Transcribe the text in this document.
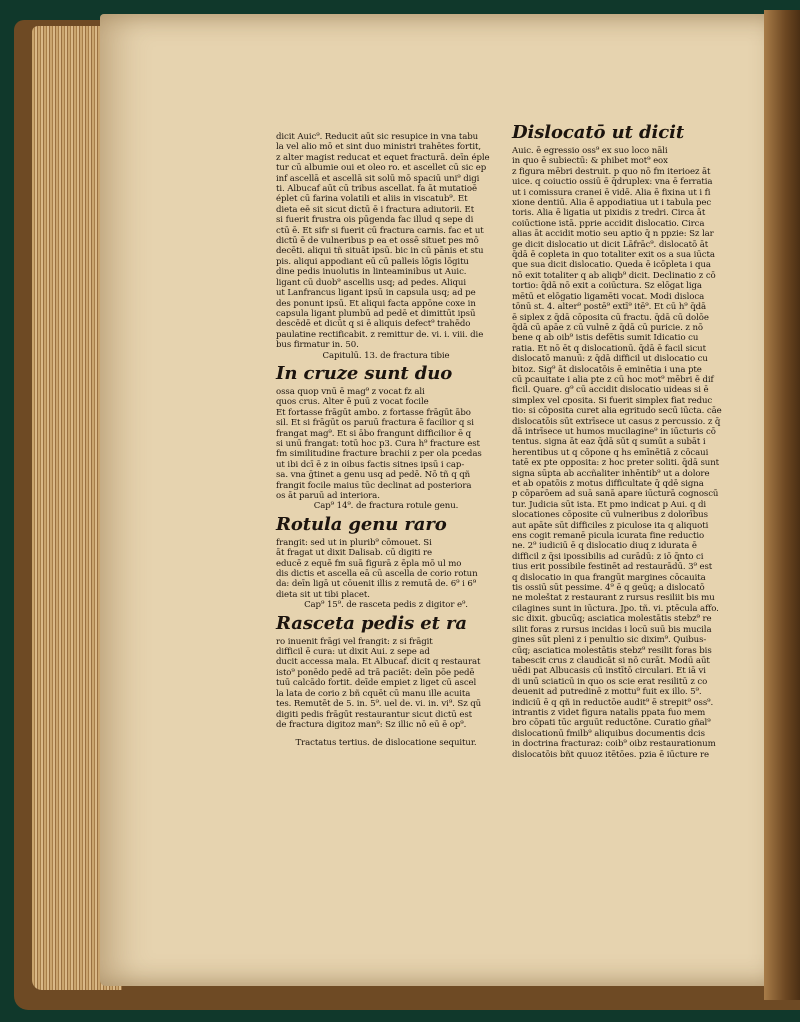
dicit Auic⁹. Reducit aūt sic resupice in vna tabu
la vel alio mō et sint duo ministri trahētes fortit,
z alter magist reducat et equet fracturā. deīn éple
tur cū albumie oui et oleo ro. et ascellet cū sic ep
inf ascellā et ascellā sit solū mō spaciū uni⁹ digi
ti. Albucaf aūt cū tribus ascellat. fa āt mutatioē
éplet cū farina volatili et aliis in viscatub⁹. Et
dieta eē sit sicut dictū ē i fractura adiutorii. Et
si fuerit frustra ois pūgenda fac illud q sepe di
ctū ē. Et sifr si fuerit cū fractura carnis. fac et ut
dictū ē de vulneribus p ea et ossē situet pes mō
decēti. aliqui tñ situāt ipsū. bic in cū pānis et stu
pis. aliqui appodiant eū cū palleis lōgis lōgitu
dine pedis inuolutis in linteaminibus ut Auic.
ligant cū duob⁹ ascellis usq; ad pedes. Aliqui
ut Lanfrancus ligant ipsū in capsula usq; ad pe
des ponunt ipsū. Et aliqui facta appōne coxe in
capsula ligant plumbū ad pedē et dimittūt ipsū
descēdē et dicūt q si ē aliquis defect⁹ trahēdo
paulatine rectificabit. z remittur de. vi. i. viii. die
bus firmatur in. 50.
Capitulū. 13. de fractura tibie
In cruze sunt duo
ossa quop vnū ē mag⁹ z vocat fz ali
quos crus. Alter ē puū z vocat focile
Et fortasse frāgūt ambo. z fortasse frāgūt ābo
sil. Et si frāgūt os paruū fractura ē facilior q si
frangat mag⁹. Et si ābo frangunt difficilior ē q
si unū frangat: totū hoc p3. Cura h⁹ fracture est
fm similitudine fracture brachii z per ola pcedas
ut ibi dcī ē z in oibus factis sitnes ipsū i cap-
sa. vna ḡtinet a genu usq ad pedē. Nō tñ q qñ
frangit focile maius tūc declinat ad posteriora
os āt paruū ad interiora.
Cap⁹ 14⁹. de fractura rotule genu.
Rotula genu raro
frangit: sed ut in plurib⁹ cōmouet. Si
āt fragat ut dixit Dalisab. cū digiti re
educē z equē fm suā figurā z ēpla mō ul mo
dis dictis et ascella eā cū ascella de corio rotun
da: deīn ligā ut cōuenit illis z remutā de. 6⁹ i 6⁹
dieta sit ut tibi placet.
Cap⁹ 15⁹. de rasceta pedis z digitor e⁹.
Rasceta pedis et ra
ro inuenit frāgi vel frangit: z si frāgit
difficil ē cura: ut dixit Aui. z sepe ad
ducit accessa mala. Et Albucaf. dicit q restaurat
isto⁹ ponēdo pedē ad trā paciēt: deīn pōe pedē
tuū calcādo fortit. deīde empiet z liget cū ascel
la lata de corio z bñ cquēt cū manu ille acuita
tes. Remutēt de 5. in. 5⁹. uel de. vi. in. vi⁹. Sz qū
digiti pedis frāgūt restaurantur sicut dictū est
de fractura digitoz man⁹: Sz illic nō eū ē op⁹.
Tractatus tertius. de dislocatione sequitur.
Dislocatō ut dicit
Auic. ē egressio oss⁹ ex suo loco nāli
in quo ē subiectū: & phibet mot⁹ eox
z figura mēbri destruit. p quo nō fm iterioez āt
uice. q coiuctio ossiū ē q̄druplex: vna ē ferratia
ut i comissura cranei ē vidē. Alia ē fixina ut i fi
xione dentiū. Alia ē appodiatiua ut i tabula pec
toris. Alia ē ligatia ut pixidis z tredri. Circa āt
coiūctione istā. pprie accidit dislocatio. Circa
alias āt accidit motio seu aptio q̄ n ppzie: Sz lar
ge dicit dislocatio ut dicit Lāfrāc⁹. dislocatō āt
q̄dā ē copleta in quo totaliter exit os a sua iūcta
que sua dicit dislocatio. Queda ē icōpleta i qua
nō exit totaliter q ab aliqb⁹ dicit. Declinatio z cō
tortio: q̄dā nō exit a coiūctura. Sz elōgat liga
mētū et elōgatio ligamēti vocat. Modi disloca
tōnū st. 4. alter⁹ postē⁹ extī⁹ itē⁹. Et cū h⁹ q̄dā
ē siplex z q̄dā cōposita cū fractu. q̄dā cū dolōe
q̄dā cū apāe z cū vulnē z q̄dā cū puricie. z nō
bene q ab oib⁹ istis defētis sumit Idicatio cu
ratia. Et nō ēt q dislocationū. q̄dā ē facil sicut
dislocatō manuū: z q̄dā difficil ut dislocatio cu
bitoz. Sig⁹ āt dislocatōis ē eminētia i una pte
cū pcauitate i alia pte z cū hoc mot⁹ mēbri ē dif
ficil. Quare. g⁹ cū accidit dislocatio uideas si ē
simplex vel cposita. Si fuerit simplex fiat reduc
tio: si cōposita curet alia egritudo secū iūcta. cāe
dislocatōis sūt extrīsece ut casus z percussio. z q̄
dā intrīsece ut humos mucilagine⁹ in iūcturis cō
tentus. signa āt eaz q̄dā sūt q sumūt a subāt̄ i
herentibus ut q cōpone q hs emīnētiā z cōcaui
tatē ex pte opposita: z hoc preter soliti. q̄dā sunt
signa sūpta ab accñaliter inhēntib⁹ ut a dolore
et ab opatōis z motus difficultate q̄ qdē signa
p cōparōem ad suā sanā apare iūcturā cognoscū
tur. Judicia sūt ista. Et pmo indicat p Aui. q di
slocationes cōposite cū vulneribus z dolorībus
aut apāte sūt difficiles z piculose ita q aliquoti
ens cogit remanē picula icurata fine reductio
ne. 2⁹ iudiciū ē q dislocatio diuq z idurata ē
difficil z q̄si ipossibilis ad curādū: z iō q̄nto ci
tius erit possibile festinēt ad restaurādū. 3⁹ est
q dislocatio in qua frangūt margines cōcauita
tis ossiū sūt pessime. 4⁹ ē q geūq; a dislocatō
ne moleštat z restaurant z rursus resiliit bis mu
cilagines sunt in iūctura. Jpo. tñ. vi. ptēcula affo.
sic dixit. gbucūq; asciatica molestātis stebz⁹ re
silit foras z rursus incidas i locū suū bis mucila
gines sūt pleni z i penultio sic dixim⁹. Quibus-
cūq; asciatica molestātis stebz⁹ resilit foras bis
tabescit crus z claudicāt si nō curāt. Modū aūt
uēdi pat Albucasis cū instītō circulari. Et iā vi
di unū sciaticū in quo os scie erat resilitū z co
deuenit ad putredinē z mottu⁹ fuit ex illo. 5⁹.
indiciū ē q qñ in reductōe audit⁹ ē strepit⁹ oss⁹.
intrantis z videt figura natalis ppata fuo mem
bro cōpati tūc arguūt reductōne. Curatio gñal⁹
dislocationū fmilb⁹ aliquibus documentis dcis
in doctrina fracturaz: coib⁹ oibz restaurationum
dislocatōis bñt quuoz itētōes. pzia ē iūcture re
